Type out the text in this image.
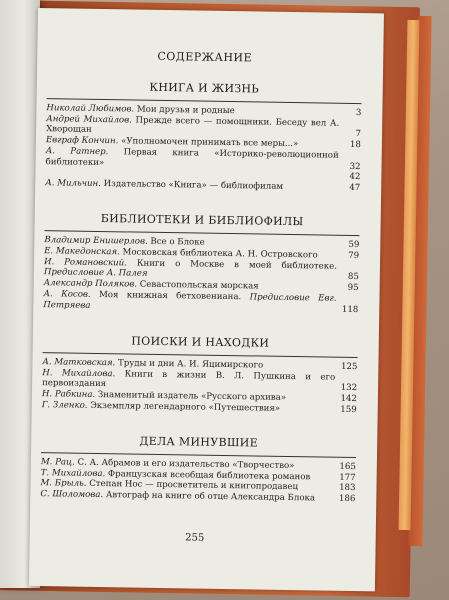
СОДЕРЖАНИЕ
КНИГА И ЖИЗНЬ
Николай Любимов. Мои друзья и родные	3
Андрей Михайлов. Прежде всего — помощники. Беседу вел А. Хворощан	7
Евграф Кончин. «Уполномочен принимать все меры...»	18
А. Ратнер. Первая книга «Историко-революционной библиотеки»	32
42
А. Мильчин. Издательство «Книга» — библиофилам	47
БИБЛИОТЕКИ И БИБЛИОФИЛЫ
Владимир Енишерлов. Все о Блоке	59
Е. Македонская. Московская библиотека А. Н. Островского	79
И. Романовский. Книги о Москве в моей библиотеке. Предисловие А. Палея	85
Александр Поляков. Севастопольская морская	95
А. Косов. Моя книжная бетховениана. Предисловие Евг. Петряева	118
ПОИСКИ И НАХОДКИ
А. Матковская. Труды и дни А. И. Яцимирского	125
Н. Михайлова. Книги в жизни В. Л. Пушкина и его первоиздания	132
Н. Рабкина. Знаменитый издатель «Русского архива»	142
Г. Зленко. Экземпляр легендарного «Путешествия»	159
ДЕЛА МИНУВШИЕ
М. Рац. С. А. Абрамов и его издательство «Творчество»	165
Т. Михайлова. Французская всеобщая библиотека романов	177
М. Брыль. Степан Нос — просветитель и книгопродавец	183
С. Шоломова. Автограф на книге об отце Александра Блока	186
255
